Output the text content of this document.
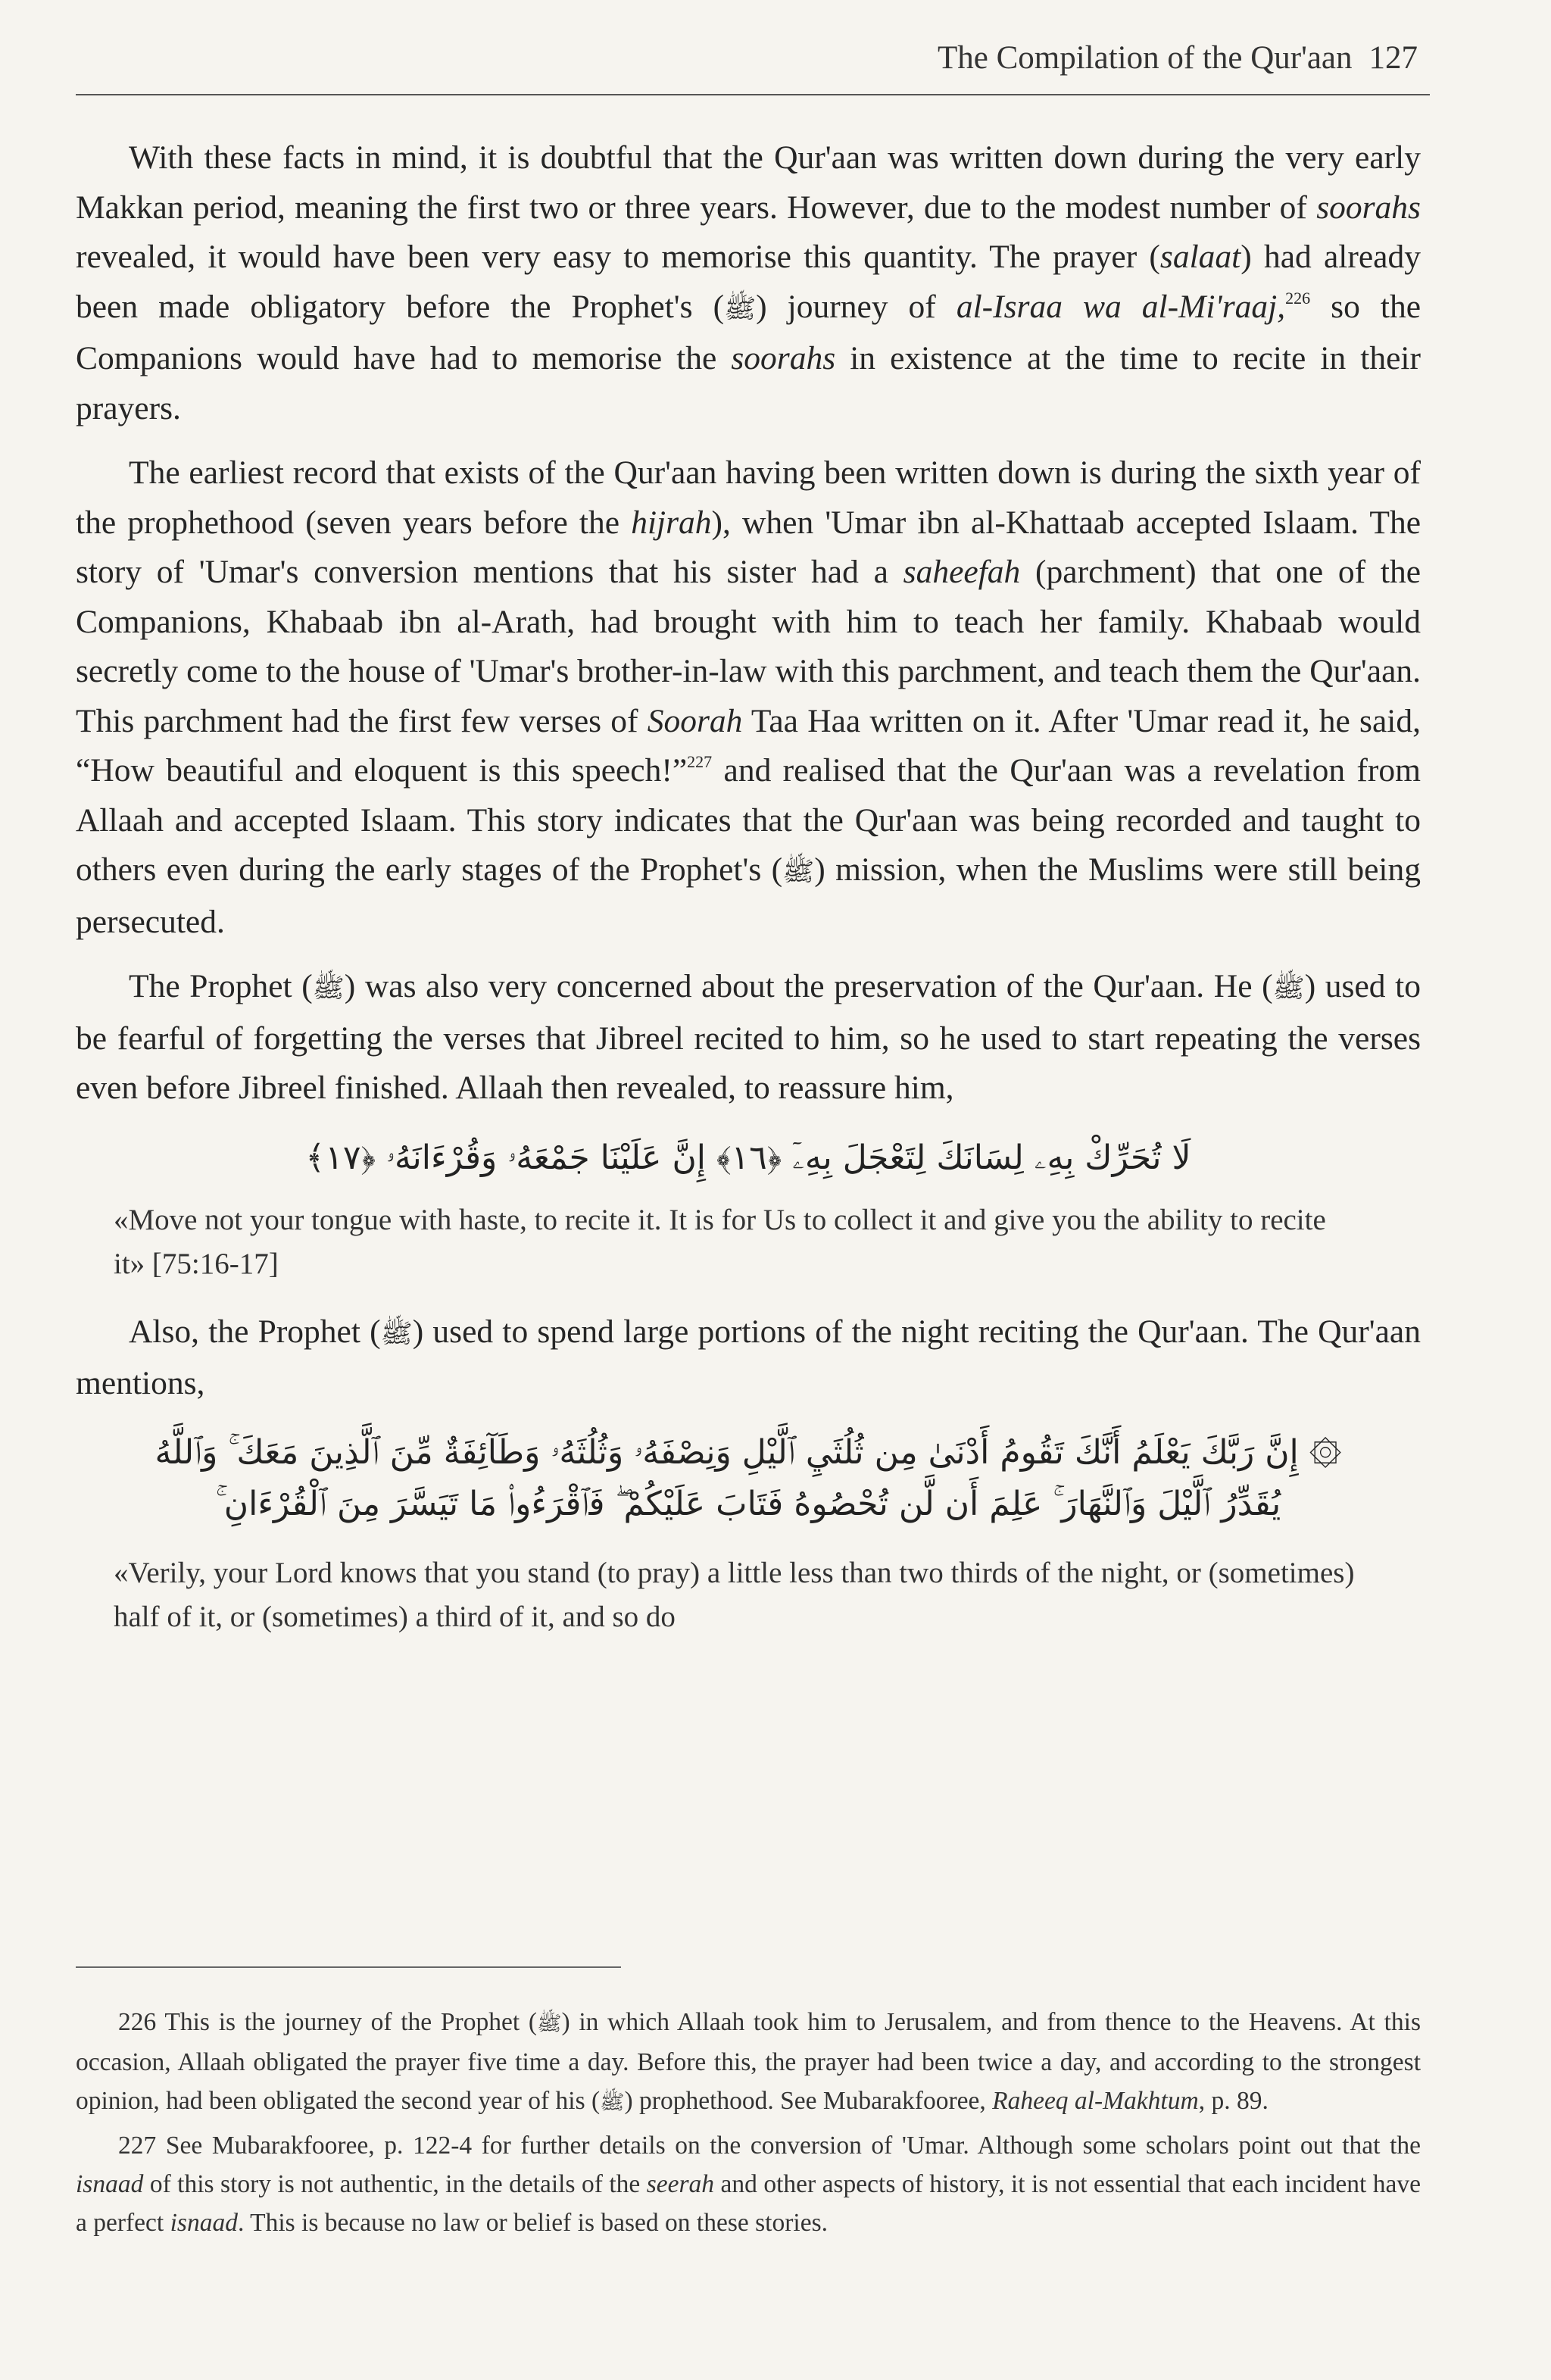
The Compilation of the Qur'aan 127

With these facts in mind, it is doubtful that the Qur'aan was written down during the very early Makkan period, meaning the first two or three years. However, due to the modest number of soorahs revealed, it would have been very easy to memorise this quantity. The prayer (salaat) had already been made obligatory before the Prophet's (ﷺ) journey of al-Israa wa al-Mi'raaj,$^{226}$ so the Companions would have had to memorise the soorahs in existence at the time to recite in their prayers.

The earliest record that exists of the Qur'aan having been written down is during the sixth year of the prophethood (seven years before the hijrah), when 'Umar ibn al-Khattaab accepted Islaam. The story of 'Umar's conversion mentions that his sister had a saheefah (parchment) that one of the Companions, Khabaab ibn al-Arath, had brought with him to teach her family. Khabaab would secretly come to the house of 'Umar's brother-in-law with this parchment, and teach them the Qur'aan. This parchment had the first few verses of Soorah Taa Haa written on it. After 'Umar read it, he said, “How beautiful and eloquent is this speech!”$^{227}$ and realised that the Qur'aan was a revelation from Allaah and accepted Islaam. This story indicates that the Qur'aan was being recorded and taught to others even during the early stages of the Prophet's (ﷺ) mission, when the Muslims were still being persecuted.

The Prophet (ﷺ) was also very concerned about the preservation of the Qur'aan. He (ﷺ) used to be fearful of forgetting the verses that Jibreel recited to him, so he used to start repeating the verses even before Jibreel finished. Allaah then revealed, to reassure him,

لَا تُحَرِّكْ بِهِۦ لِسَانَكَ لِتَعْجَلَ بِهِۦٓ ﴿١٦﴾ إِنَّ عَلَيْنَا جَمْعَهُۥ وَقُرْءَانَهُۥ ﴿١٧﴾
«Move not your tongue with haste, to recite it. It is for Us to collect it and give you the ability to recite it» [75:16-17]

Also, the Prophet (ﷺ) used to spend large portions of the night reciting the Qur'aan. The Qur'aan mentions,

۞ إِنَّ رَبَّكَ يَعْلَمُ أَنَّكَ تَقُومُ أَدْنَىٰ مِن ثُلُثَيِ ٱلَّيْلِ وَنِصْفَهُۥ وَثُلُثَهُۥ وَطَآئِفَةٌ مِّنَ ٱلَّذِينَ مَعَكَ ۚ وَٱللَّهُ يُقَدِّرُ ٱلَّيْلَ وَٱلنَّهَارَ ۚ عَلِمَ أَن لَّن تُحْصُوهُ فَتَابَ عَلَيْكُمْ ۖ فَٱقْرَءُوا۟ مَا تَيَسَّرَ مِنَ ٱلْقُرْءَانِ ۚ
«Verily, your Lord knows that you stand (to pray) a little less than two thirds of the night, or (sometimes) half of it, or (sometimes) a third of it, and so do

226 This is the journey of the Prophet (ﷺ) in which Allaah took him to Jerusalem, and from thence to the Heavens. At this occasion, Allaah obligated the prayer five time a day. Before this, the prayer had been twice a day, and according to the strongest opinion, had been obligated the second year of his (ﷺ) prophethood. See Mubarakfooree, Raheeq al-Makhtum, p. 89.

227 See Mubarakfooree, p. 122-4 for further details on the conversion of 'Umar. Although some scholars point out that the isnaad of this story is not authentic, in the details of the seerah and other aspects of history, it is not essential that each incident have a perfect isnaad. This is because no law or belief is based on these stories.
